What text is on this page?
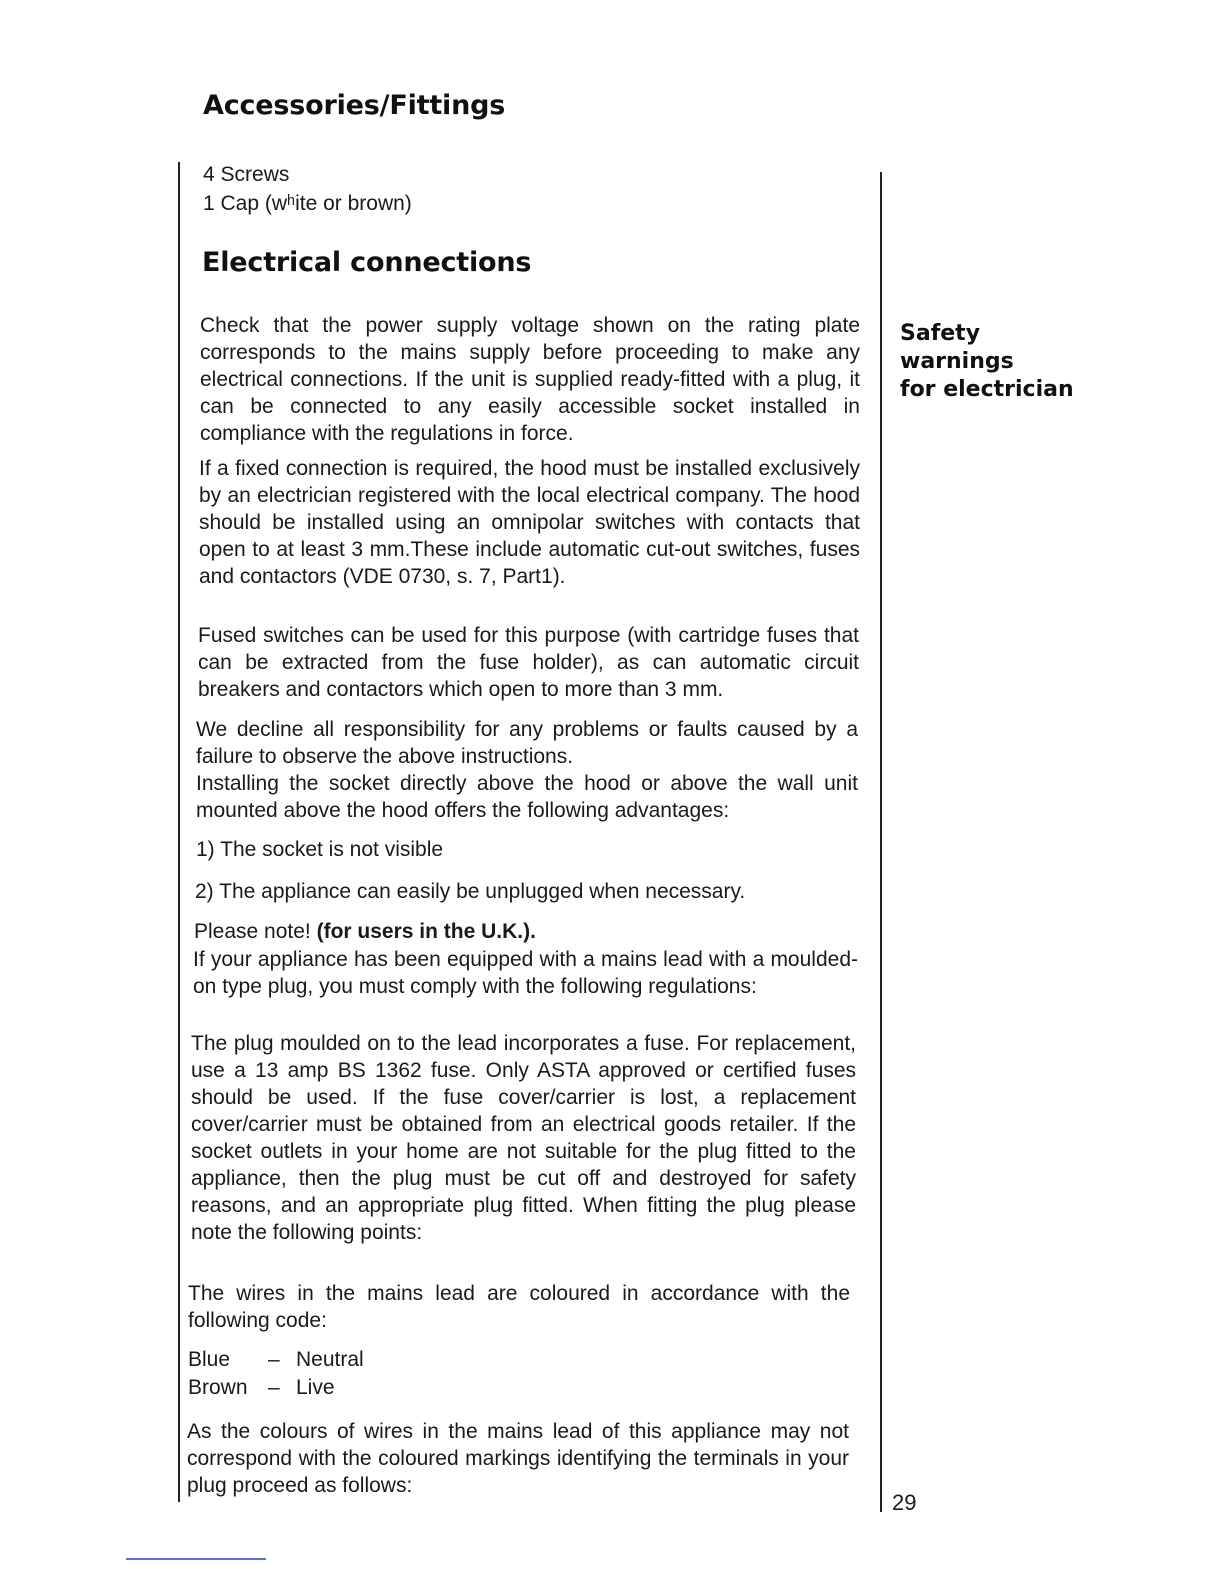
Accessories/Fittings
4 Screws
1 Cap (wʰite or brown)
Electrical connections

Check that the power supply voltage shown on the rating plate corresponds to the mains supply before proceeding to make any electrical connections. If the unit is supplied ready-fitted with a plug, it can be connected to any easily accessible socket installed in compliance with the regulations in force.

If a fixed connection is required, the hood must be installed exclusively by an electrician registered with the local electrical company. The hood should be installed using an omnipolar switches with contacts that open to at least 3 mm.These include automatic cut-out switches, fuses and contactors (VDE 0730, s. 7, Part1).

Fused switches can be used for this purpose (with cartridge fuses that can be extracted from the fuse holder), as can automatic circuit breakers and contactors which open to more than 3 mm.

We decline all responsibility for any problems or faults caused by a failure to observe the above instructions.

Installing the socket directly above the hood or above the wall unit mounted above the hood offers the following advantages:

1) The socket is not visible

2) The appliance can easily be unplugged when necessary.

Please note! (for users in the U.K.).

If your appliance has been equipped with a mains lead with a moulded-on type plug, you must comply with the following regulations:

The plug moulded on to the lead incorporates a fuse. For replacement, use a 13 amp BS 1362 fuse. Only ASTA approved or certified fuses should be used. If the fuse cover/carrier is lost, a replacement cover/carrier must be obtained from an electrical goods retailer. If the socket outlets in your home are not suitable for the plug fitted to the appliance, then the plug must be cut off and destroyed for safety reasons, and an appropriate plug fitted. When fitting the plug please note the following points:

The wires in the mains lead are coloured in accordance with the following code:

Blue – Neutral
Brown – Live

As the colours of wires in the mains lead of this appliance may not correspond with the coloured markings identifying the terminals in your plug proceed as follows:

Safety
warnings
for electrician
29
